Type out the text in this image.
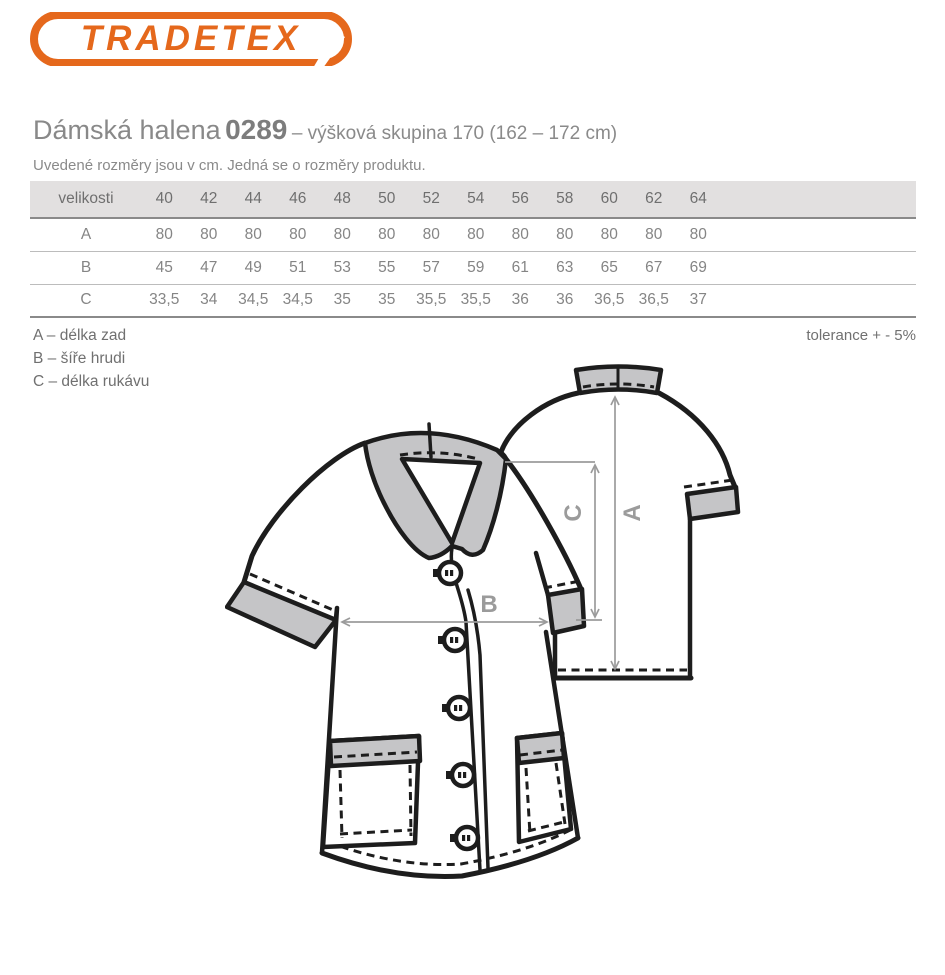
TRADETEX
Dámská halena 0289 – výšková skupina 170 (162 – 172 cm)
Uvedené rozměry jsou v cm. Jedná se o rozměry produktu.
velikosti	40	42	44	46	48	50	52	54	56	58	60	62	64	
A	80	80	80	80	80	80	80	80	80	80	80	80	80	
B	45	47	49	51	53	55	57	59	61	63	65	67	69	
C	33,5	34	34,5	34,5	35	35	35,5	35,5	36	36	36,5	36,5	37	
A – délka zad
B – šíře hrudi
C – délka rukávu
tolerance + - 5%
A
C
B
